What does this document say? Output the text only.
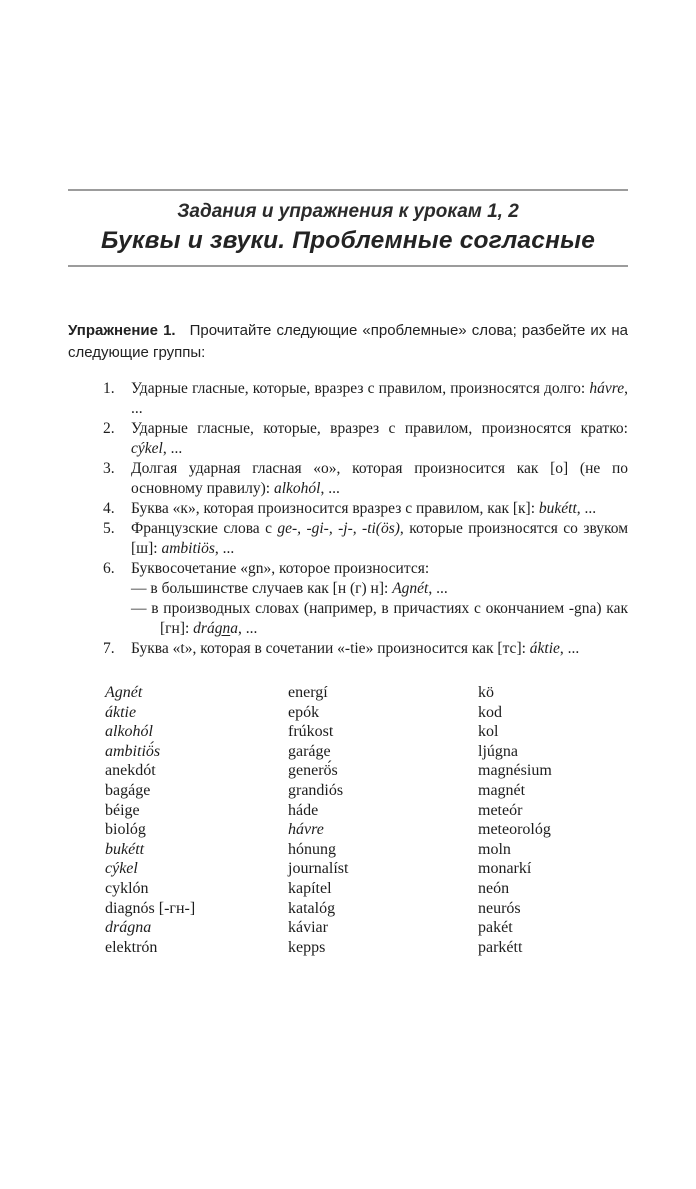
Задания и упражнения к урокам 1, 2
Буквы и звуки. Проблемные согласные

Упражнение 1. Прочитайте следующие «проблемные» слова; разбейте их на следующие группы:

1. Ударные гласные, которые, вразрез с правилом, произносятся долго: hávre, ...
2. Ударные гласные, которые, вразрез с правилом, произносятся кратко: cýkel, ...
3. Долгая ударная гласная «о», которая произносится как [о] (не по основному правилу): alkohól, ...
4. Буква «к», которая произносится вразрез с правилом, как [к]: bukétt, ...
5. Французские слова с ge-, -gi-, -j-, -ti(ös), которые произносятся со звуком [ш]: ambitiös, ...
6. Буквосочетание «gn», которое произносится:
— в большинстве случаев как [н (г) н]: Agnét, ...
— в производных словах (например, в причастиях с окончанием -gna) как [гн]: drágna, ...
7. Буква «t», которая в сочетании «-tie» произносится как [тс]: áktie, ...
Agnét
áktie
alkohól
ambitiö́s
anekdót
bagáge
béige
biológ
bukétt
cýkel
cyklón
diagnós [-гн-]
drágna
elektrón
energí
epók
frúkost
garáge
generö́s
grandiós
háde
hávre
hónung
journalíst
kapítel
katalóg
káviar
kepps
kö
kod
kol
ljúgna
magnésium
magnét
meteór
meteorológ
moln
monarkí
neón
neurós
pakét
parkétt
